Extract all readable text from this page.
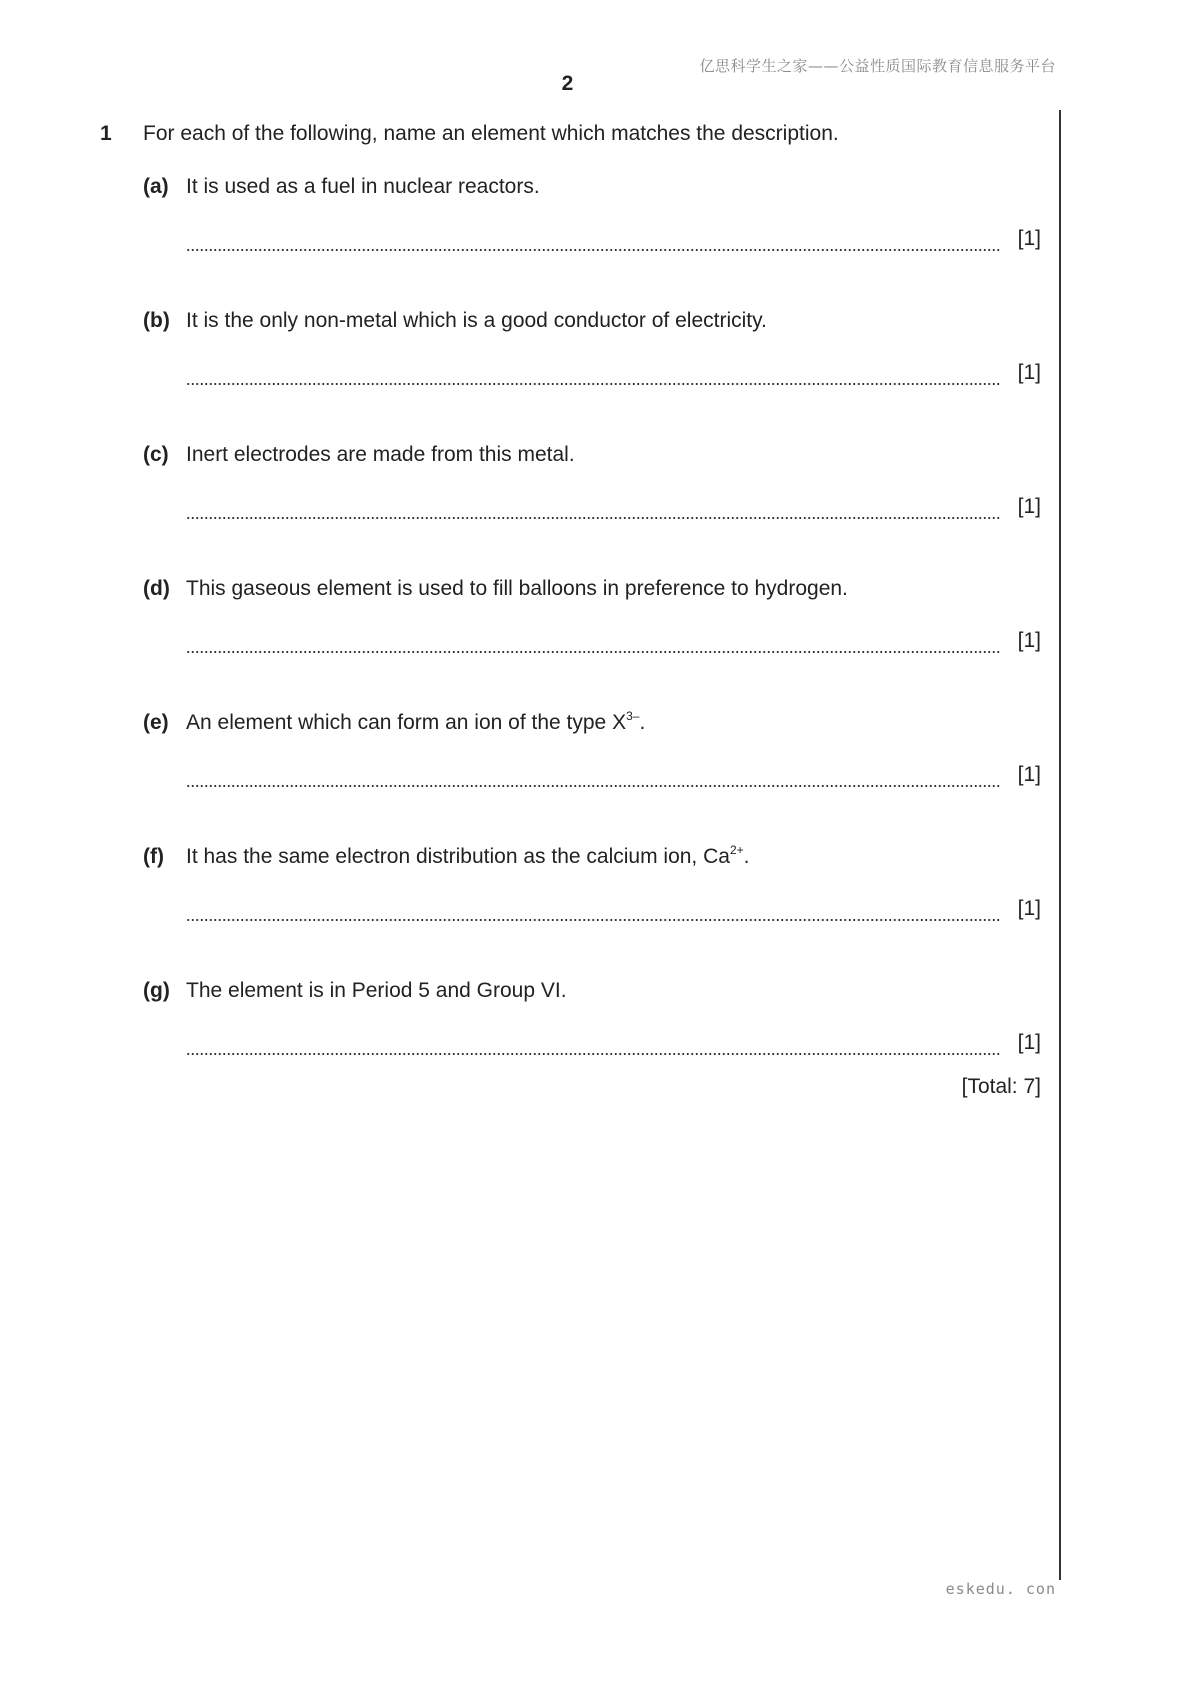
亿思科学生之家——公益性质国际教育信息服务平台
2
1 For each of the following, name an element which matches the description.
(a) It is used as a fuel in nuclear reactors.
[1]
(b) It is the only non-metal which is a good conductor of electricity.
[1]
(c) Inert electrodes are made from this metal.
[1]
(d) This gaseous element is used to fill balloons in preference to hydrogen.
[1]
(e) An element which can form an ion of the type $X^{3-}$.
[1]
(f) It has the same electron distribution as the calcium ion, $Ca^{2+}$.
[1]
(g) The element is in Period 5 and Group VI.
[1]
[Total: 7]
eskedu. con
